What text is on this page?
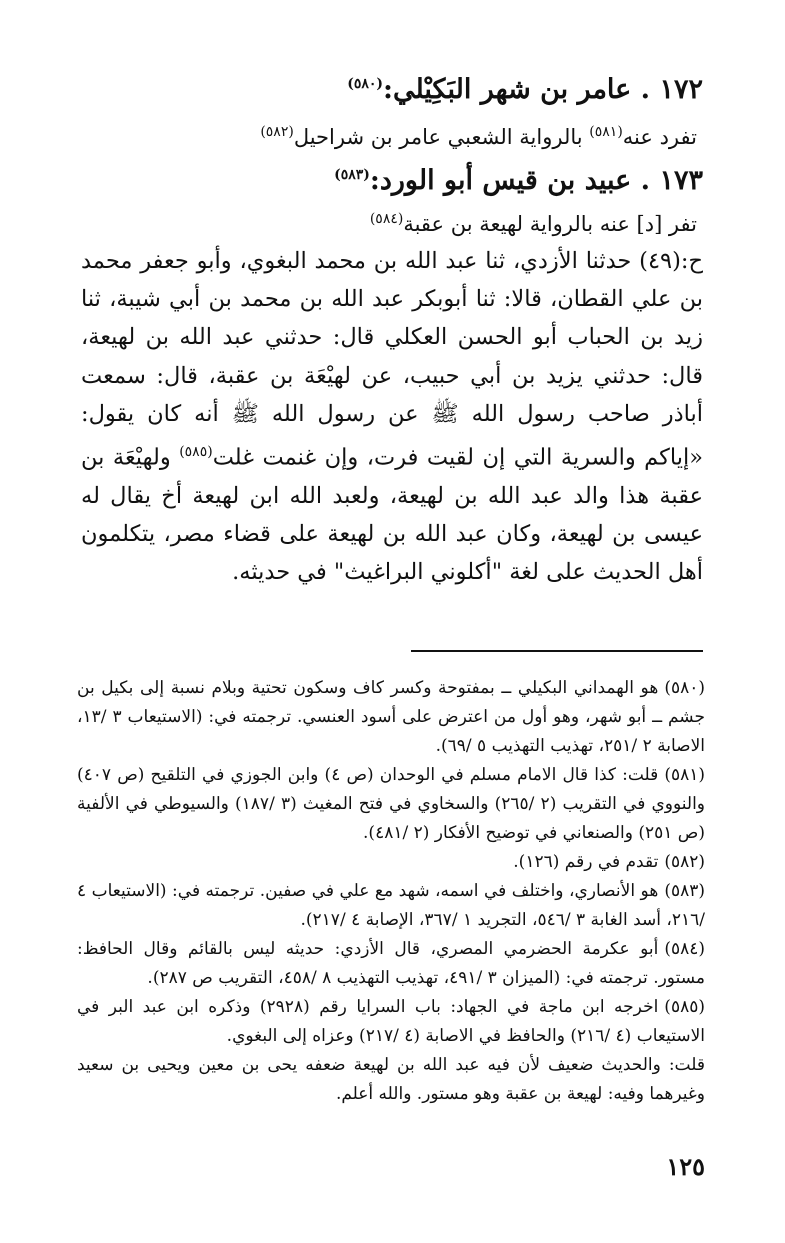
١٧٢ . عامر بن شهر البَكِيْلي:$^{(٥٨٠)}$
تفرد عنه$^{(٥٨١)}$ بالرواية الشعبي عامر بن شراحيل$^{(٥٨٢)}$
١٧٣ . عبيد بن قيس أبو الورد:$^{(٥٨٣)}$
تفر [د] عنه بالرواية لهيعة بن عقبة$^{(٥٨٤)}$
ح:(٤٩) حدثنا الأزدي، ثنا عبد الله بن محمد البغوي، وأبو جعفر محمد بن علي القطان، قالا: ثنا أبوبكر عبد الله بن محمد بن أبي شيبة، ثنا زيد بن الحباب أبو الحسن العكلي قال: حدثني عبد الله بن لهيعة، قال: حدثني يزيد بن أبي حبيب، عن لهيْعَة بن عقبة، قال: سمعت أباذر صاحب رسول الله ﷺ عن رسول الله ﷺ أنه كان يقول: «إياكم والسرية التي إن لقيت فرت، وإن غنمت غلت$^{(٥٨٥)}$ ولهيْعَة بن عقبة هذا والد عبد الله بن لهيعة، ولعبد الله ابن لهيعة أخ يقال له عيسى بن لهيعة، وكان عبد الله بن لهيعة على قضاء مصر، يتكلمون أهل الحديث على لغة "أكلوني البراغيث" في حديثه.

(٥٨٠)هو الهمداني البكيلي ــ بمفتوحة وكسر كاف وسكون تحتية وبلام نسبة إلى بكيل بن جشم ــ أبو شهر، وهو أول من اعترض على أسود العنسي. ترجمته في: (الاستيعاب ٣ /١٣، الاصابة ٢ /٢٥١، تهذيب التهذيب ٥ /٦٩).

(٥٨١)قلت: كذا قال الامام مسلم في الوحدان (ص ٤) وابن الجوزي في التلقيح (ص ٤٠٧) والنووي في التقريب (٢ /٢٦٥) والسخاوي في فتح المغيث (٣ /١٨٧) والسيوطي في الألفية (ص ٢٥١) والصنعاني في توضيح الأفكار (٢ /٤٨١).

(٥٨٢)تقدم في رقم (١٢٦).

(٥٨٣)هو الأنصاري، واختلف في اسمه، شهد مع علي في صفين. ترجمته في: (الاستيعاب ٤ /٢١٦، أسد الغابة ٣ /٥٤٦، التجريد ١ /٣٦٧، الإصابة ٤ /٢١٧).

(٥٨٤)أبو عكرمة الحضرمي المصري، قال الأزدي: حديثه ليس بالقائم وقال الحافظ: مستور. ترجمته في: (الميزان ٣ /٤٩١، تهذيب التهذيب ٨ /٤٥٨، التقريب ص ٢٨٧).

(٥٨٥)اخرجه ابن ماجة في الجهاد: باب السرايا رقم (٢٩٢٨) وذكره ابن عبد البر في الاستيعاب (٤ /٢١٦) والحافظ في الاصابة (٤ /٢١٧) وعزاه إلى البغوي.

قلت: والحديث ضعيف لأن فيه عبد الله بن لهيعة ضعفه يحى بن معين ويحيى بن سعيد وغيرهما وفيه: لهيعة بن عقبة وهو مستور. والله أعلم.

١٢٥
